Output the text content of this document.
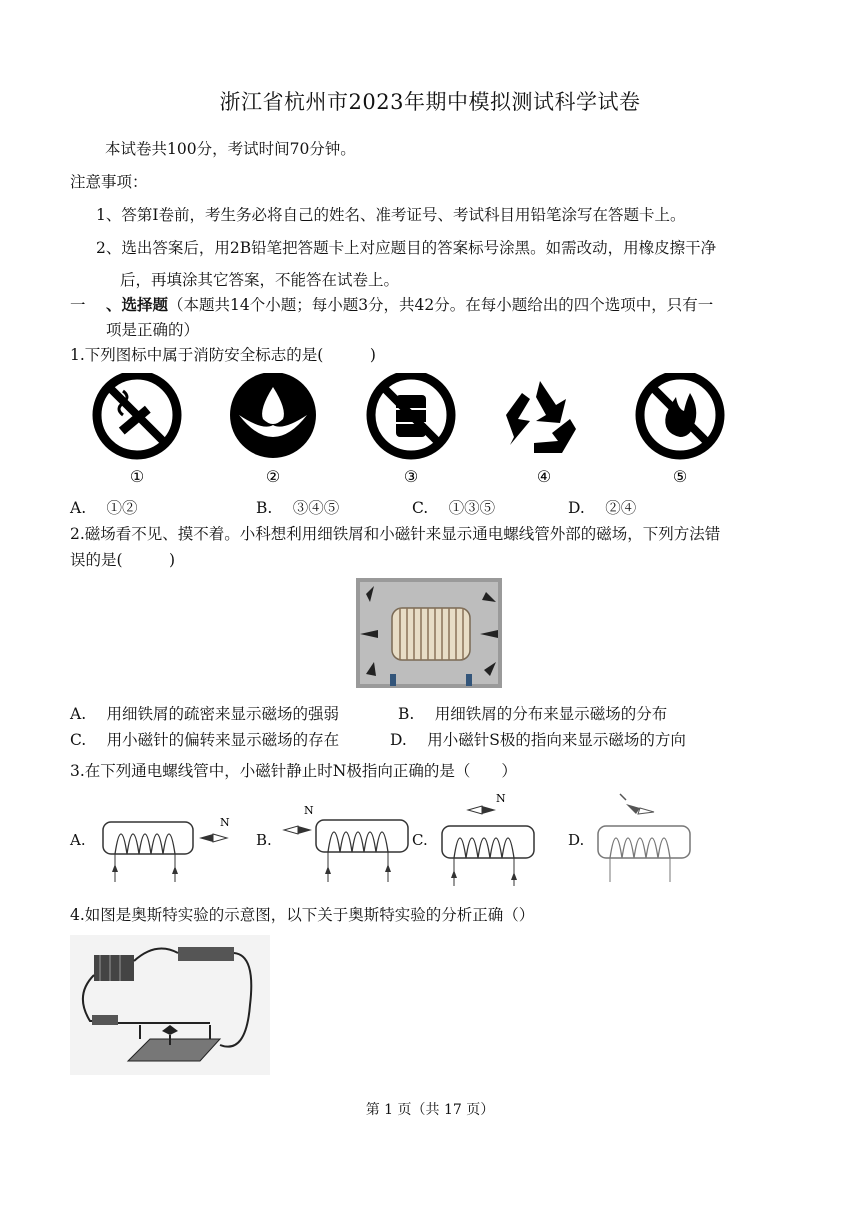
浙江省杭州市2023年期中模拟测试科学试卷
本试卷共100分，考试时间70分钟。
注意事项：
1、答第Ⅰ卷前，考生务必将自己的姓名、准考证号、考试科目用铅笔涂写在答题卡上。
2、选出答案后，用2B铅笔把答题卡上对应题目的答案标号涂黑。如需改动，用橡皮擦干净
后，再填涂其它答案，不能答在试卷上。
一　 、选择题（本题共14个小题；每小题3分，共42分。在每小题给出的四个选项中，只有一
项是正确的）
1.下列图标中属于消防安全标志的是(　　　)
①	②	③	④	⑤
A.　 ①②	B.　 ③④⑤	C.　 ①③⑤	D.　 ②④
2.磁场看不见、摸不着。小科想利用细铁屑和小磁针来显示通电螺线管外部的磁场，下列方法错
误的是(　　　)
A.　 用细铁屑的疏密来显示磁场的强弱	B.　 用细铁屑的分布来显示磁场的分布
C.　 用小磁针的偏转来显示磁场的存在	D.　 用小磁针S极的指向来显示磁场的方向
3.在下列通电螺线管中，小磁针静止时N极指向正确的是（　　）
A.
N
B.
N
C.
N
D.
4.如图是奥斯特实验的示意图，以下关于奥斯特实验的分析正确（）
第 1 页（共 17 页）
